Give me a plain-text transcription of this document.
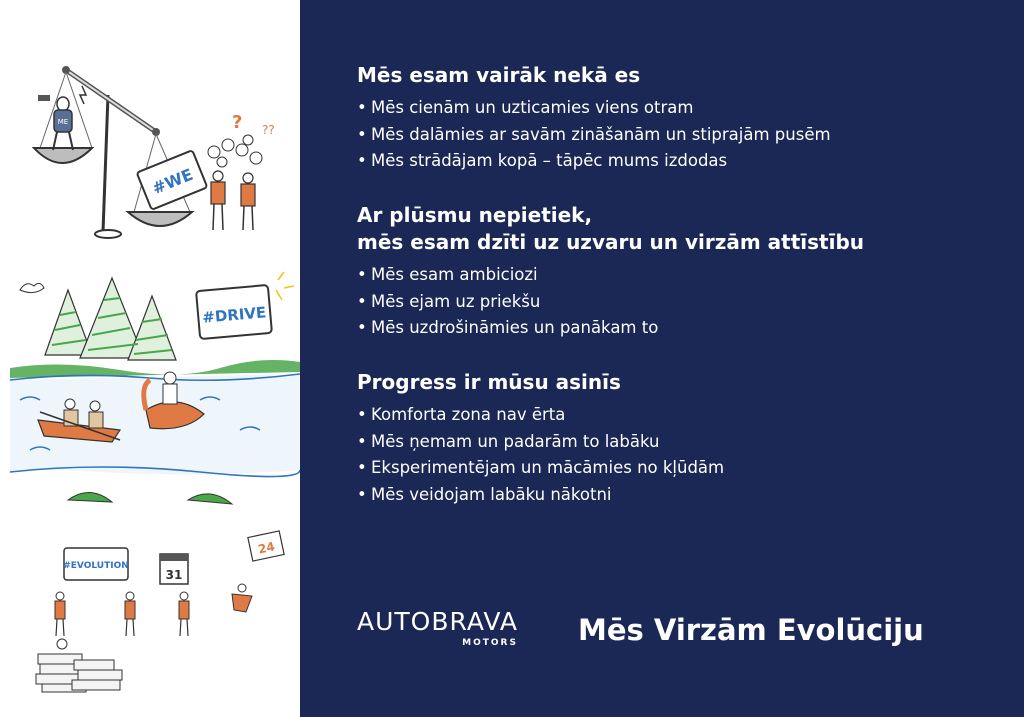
ME
#WE
? ??
#DRIVE
#EVOLUTION
31
24
Mēs esam vairāk nekā es
• Mēs cienām un uzticamies viens otram
• Mēs dalāmies ar savām zināšanām un stiprajām pusēm
• Mēs strādājam kopā – tāpēc mums izdodas
Ar plūsmu nepietiek,
mēs esam dzīti uz uzvaru un virzām attīstību
• Mēs esam ambiciozi
• Mēs ejam uz priekšu
• Mēs uzdrošināmies un panākam to
Progress ir mūsu asinīs
• Komforta zona nav ērta
• Mēs ņemam un padarām to labāku
• Eksperimentējam un mācāmies no kļūdām
• Mēs veidojam labāku nākotni
AUTOBRAVA
MOTORS Mēs Virzām Evolūciju
